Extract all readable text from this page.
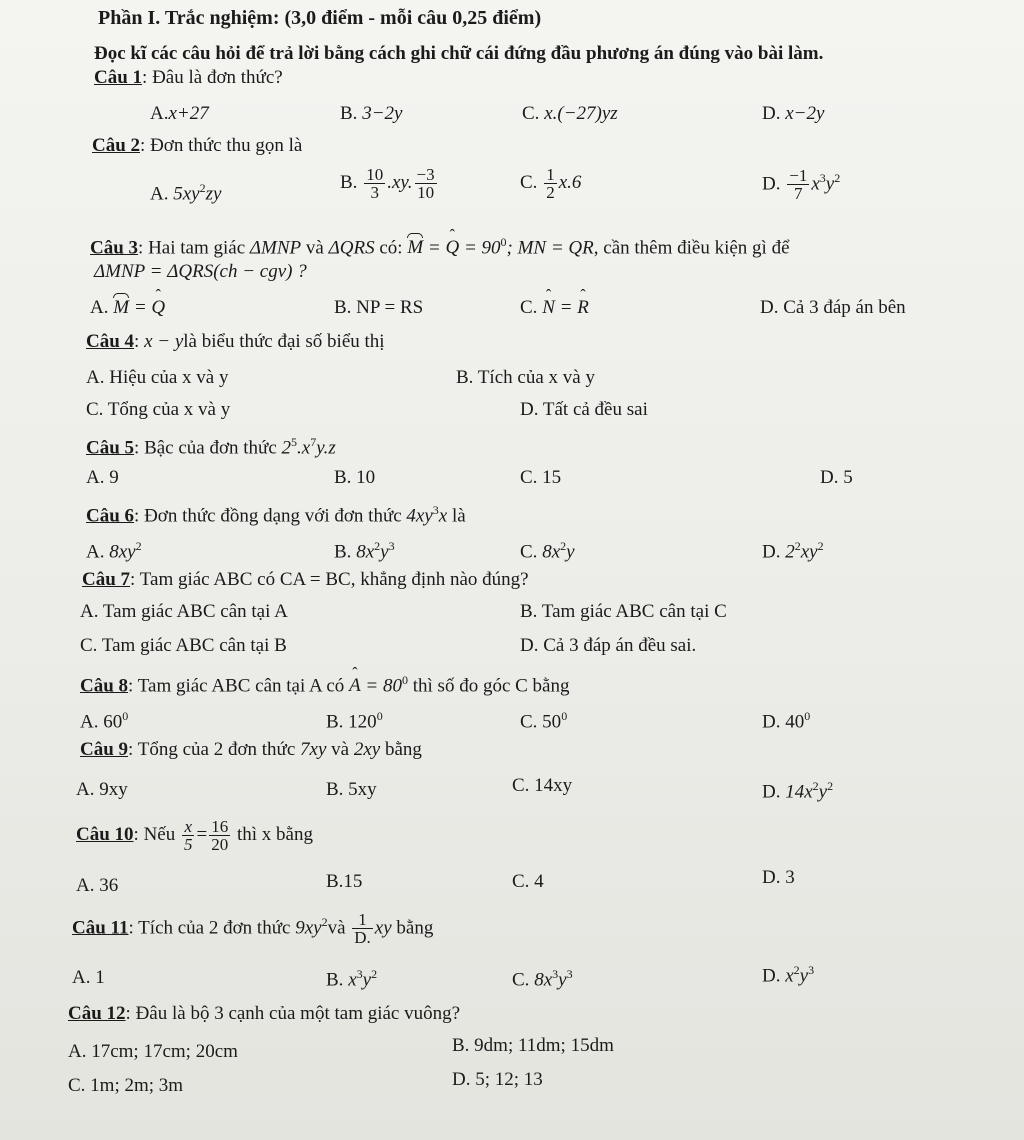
Phần I. Trắc nghiệm: (3,0 điểm - mỗi câu 0,25 điểm)
Đọc kĩ các câu hỏi để trả lời bằng cách ghi chữ cái đứng đầu phương án đúng vào bài làm.
Câu 1: Đâu là đơn thức?
A.x+27	B. 3−2y	C. x.(−27)yz	D. x−2y
Câu 2: Đơn thức thu gọn là
A. $5xy^2zy$
B. $\frac{10}{3} .xy$. $\frac{-3}{10}$	C. $\frac{1}{2} x.6$	D. $\frac{-1}{7} x^3y^2$
Câu 3: Hai tam giác ΔMNP và ΔQRS có: M = ˆ $Q = 90^0$; MN = QR, cần thêm điều kiện gì để
ΔMNP = ΔQRS(ch − cgv) ?
A. M = ˆ Q	B. NP = RS	C. ˆ N = ˆ R	D. Cả 3 đáp án bên
Câu 4: x − ylà biểu thức đại số biểu thị
A. Hiệu của x và y	B. Tích của x và y
C. Tổng của x và y	D. Tất cả đều sai
Câu 5: Bậc của đơn thức $2^5.x^7y.z$
A. 9	B. 10	C. 15	D. 5
Câu 6: Đơn thức đồng dạng với đơn thức $4xy^3x$ là
A. $8xy^2$	B. $8x^2y^3$	C. $8x^2y$	D. $2^2xy^2$
Câu 7: Tam giác ABC có CA = BC, khẳng định nào đúng?
A. Tam giác ABC cân tại A	B. Tam giác ABC cân tại C
C. Tam giác ABC cân tại B	D. Cả 3 đáp án đều sai.
Câu 8: Tam giác ABC cân tại A có ˆ $A = 80^0$ thì số đo góc C bằng
A. $60^0$	B. $120^0$	C. $50^0$	D. $40^0$
Câu 9: Tổng của 2 đơn thức 7xy và 2xy bằng
A. 9xy	B. 5xy	C. 14xy	D. $14x^2y^2$
Câu 10: Nếu $\frac{x}{5} = \frac{16}{20}$ thì x bằng
A. 36	B.15	C. 4	D. 3
Câu 11: Tích của 2 đơn thức $9xy^2và \frac{1}{D.}$ xy bằng
A. 1	B. $x^3y^2$	C. $8x^3y^3$	D. $x^2y^3$
Câu 12: Đâu là bộ 3 cạnh của một tam giác vuông?
A. 17cm; 17cm; 20cm	B. 9dm; 11dm; 15dm
C. 1m; 2m; 3m	D. 5; 12; 13
